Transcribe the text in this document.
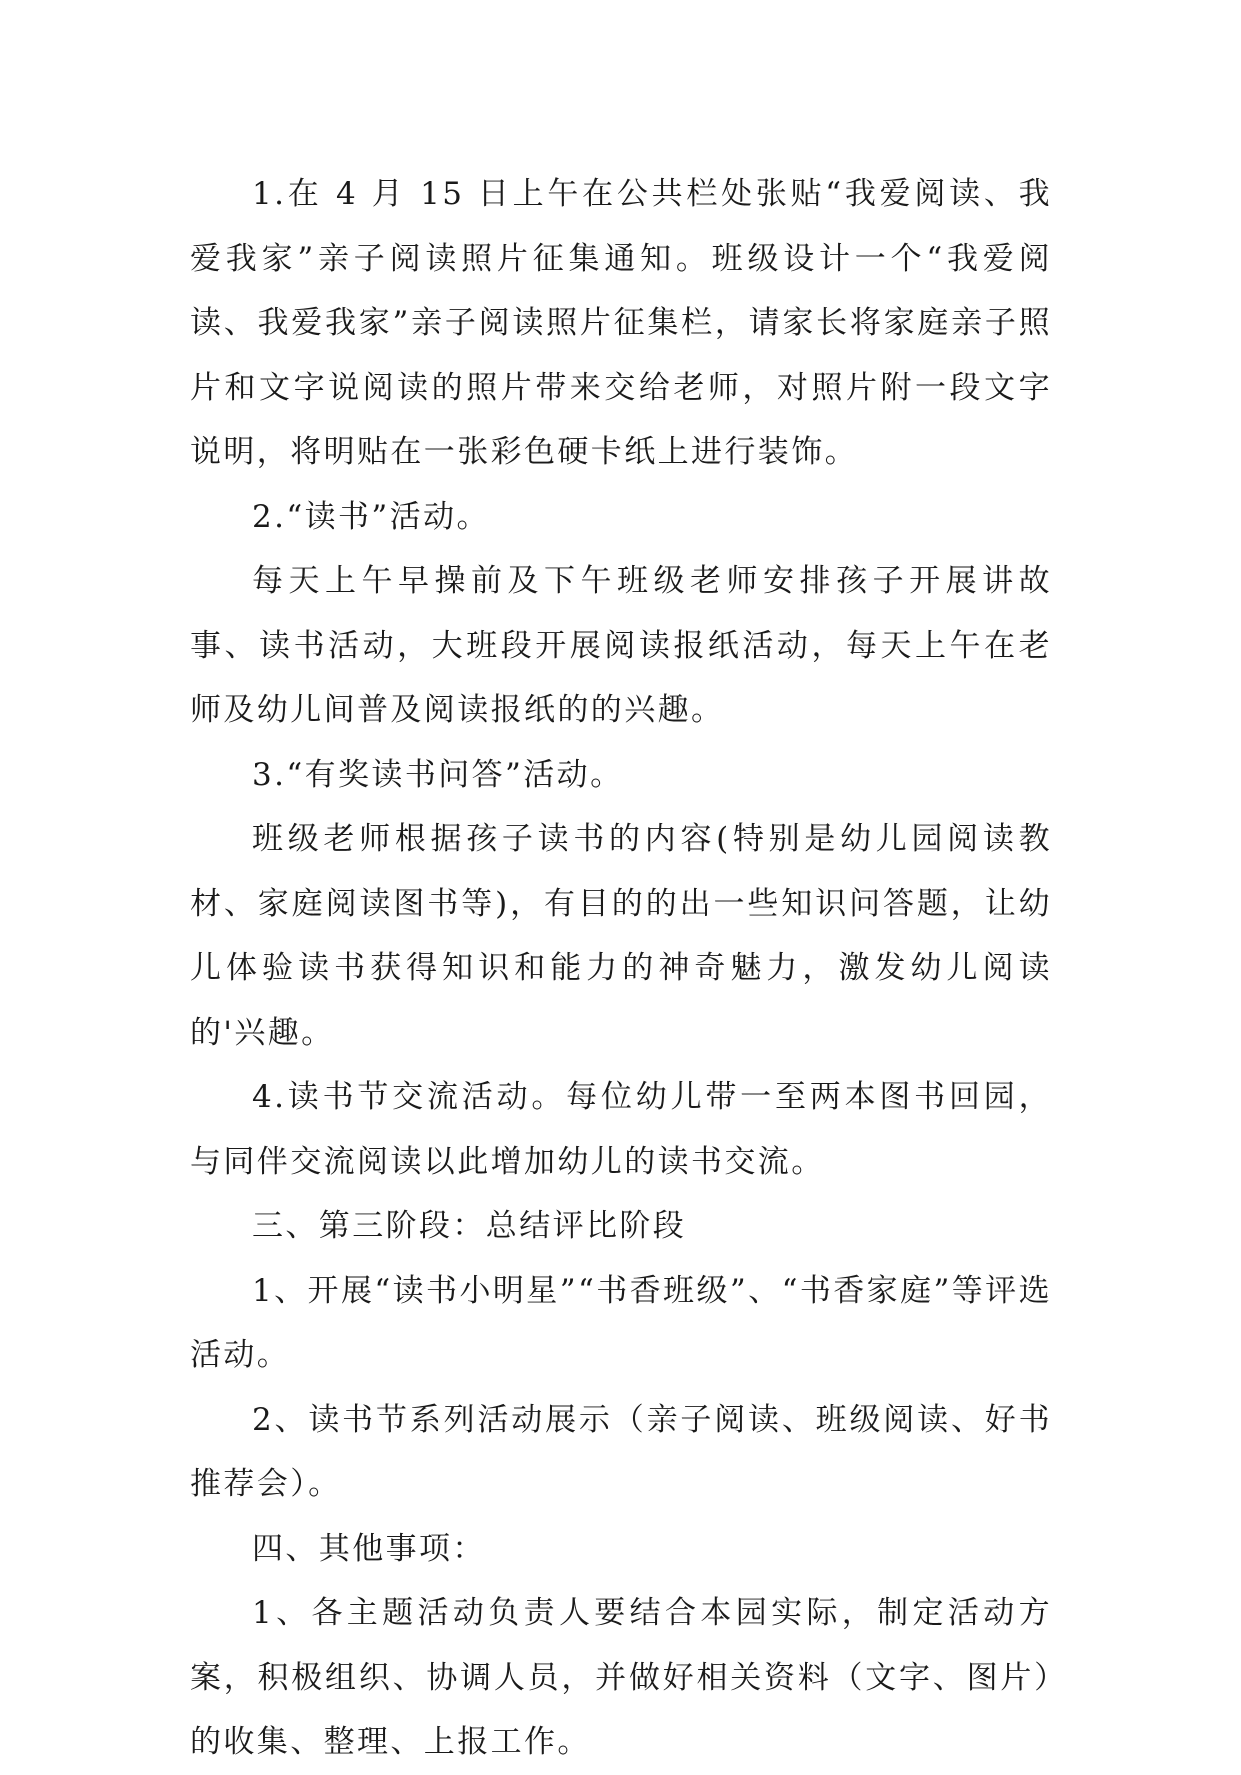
1.在 4 月 15 日上午在公共栏处张贴“我爱阅读、我爱我家”亲子阅读照片征集通知。班级设计一个“我爱阅读、我爱我家”亲子阅读照片征集栏，请家长将家庭亲子照片和文字说阅读的照片带来交给老师，对照片附一段文字说明，将明贴在一张彩色硬卡纸上进行装饰。

2.“读书”活动。

每天上午早操前及下午班级老师安排孩子开展讲故事、读书活动，大班段开展阅读报纸活动，每天上午在老师及幼儿间普及阅读报纸的的兴趣。

3.“有奖读书问答”活动。

班级老师根据孩子读书的内容(特别是幼儿园阅读教材、家庭阅读图书等)，有目的的出一些知识问答题，让幼儿体验读书获得知识和能力的神奇魅力，激发幼儿阅读的'兴趣。

4.读书节交流活动。每位幼儿带一至两本图书回园，与同伴交流阅读以此增加幼儿的读书交流。

三、第三阶段：总结评比阶段

1、开展“读书小明星”“书香班级”、“书香家庭”等评选活动。

2、读书节系列活动展示（亲子阅读、班级阅读、好书推荐会）。

四、其他事项：

1、各主题活动负责人要结合本园实际，制定活动方案，积极组织、协调人员，并做好相关资料（文字、图片）的收集、整理、上报工作。
